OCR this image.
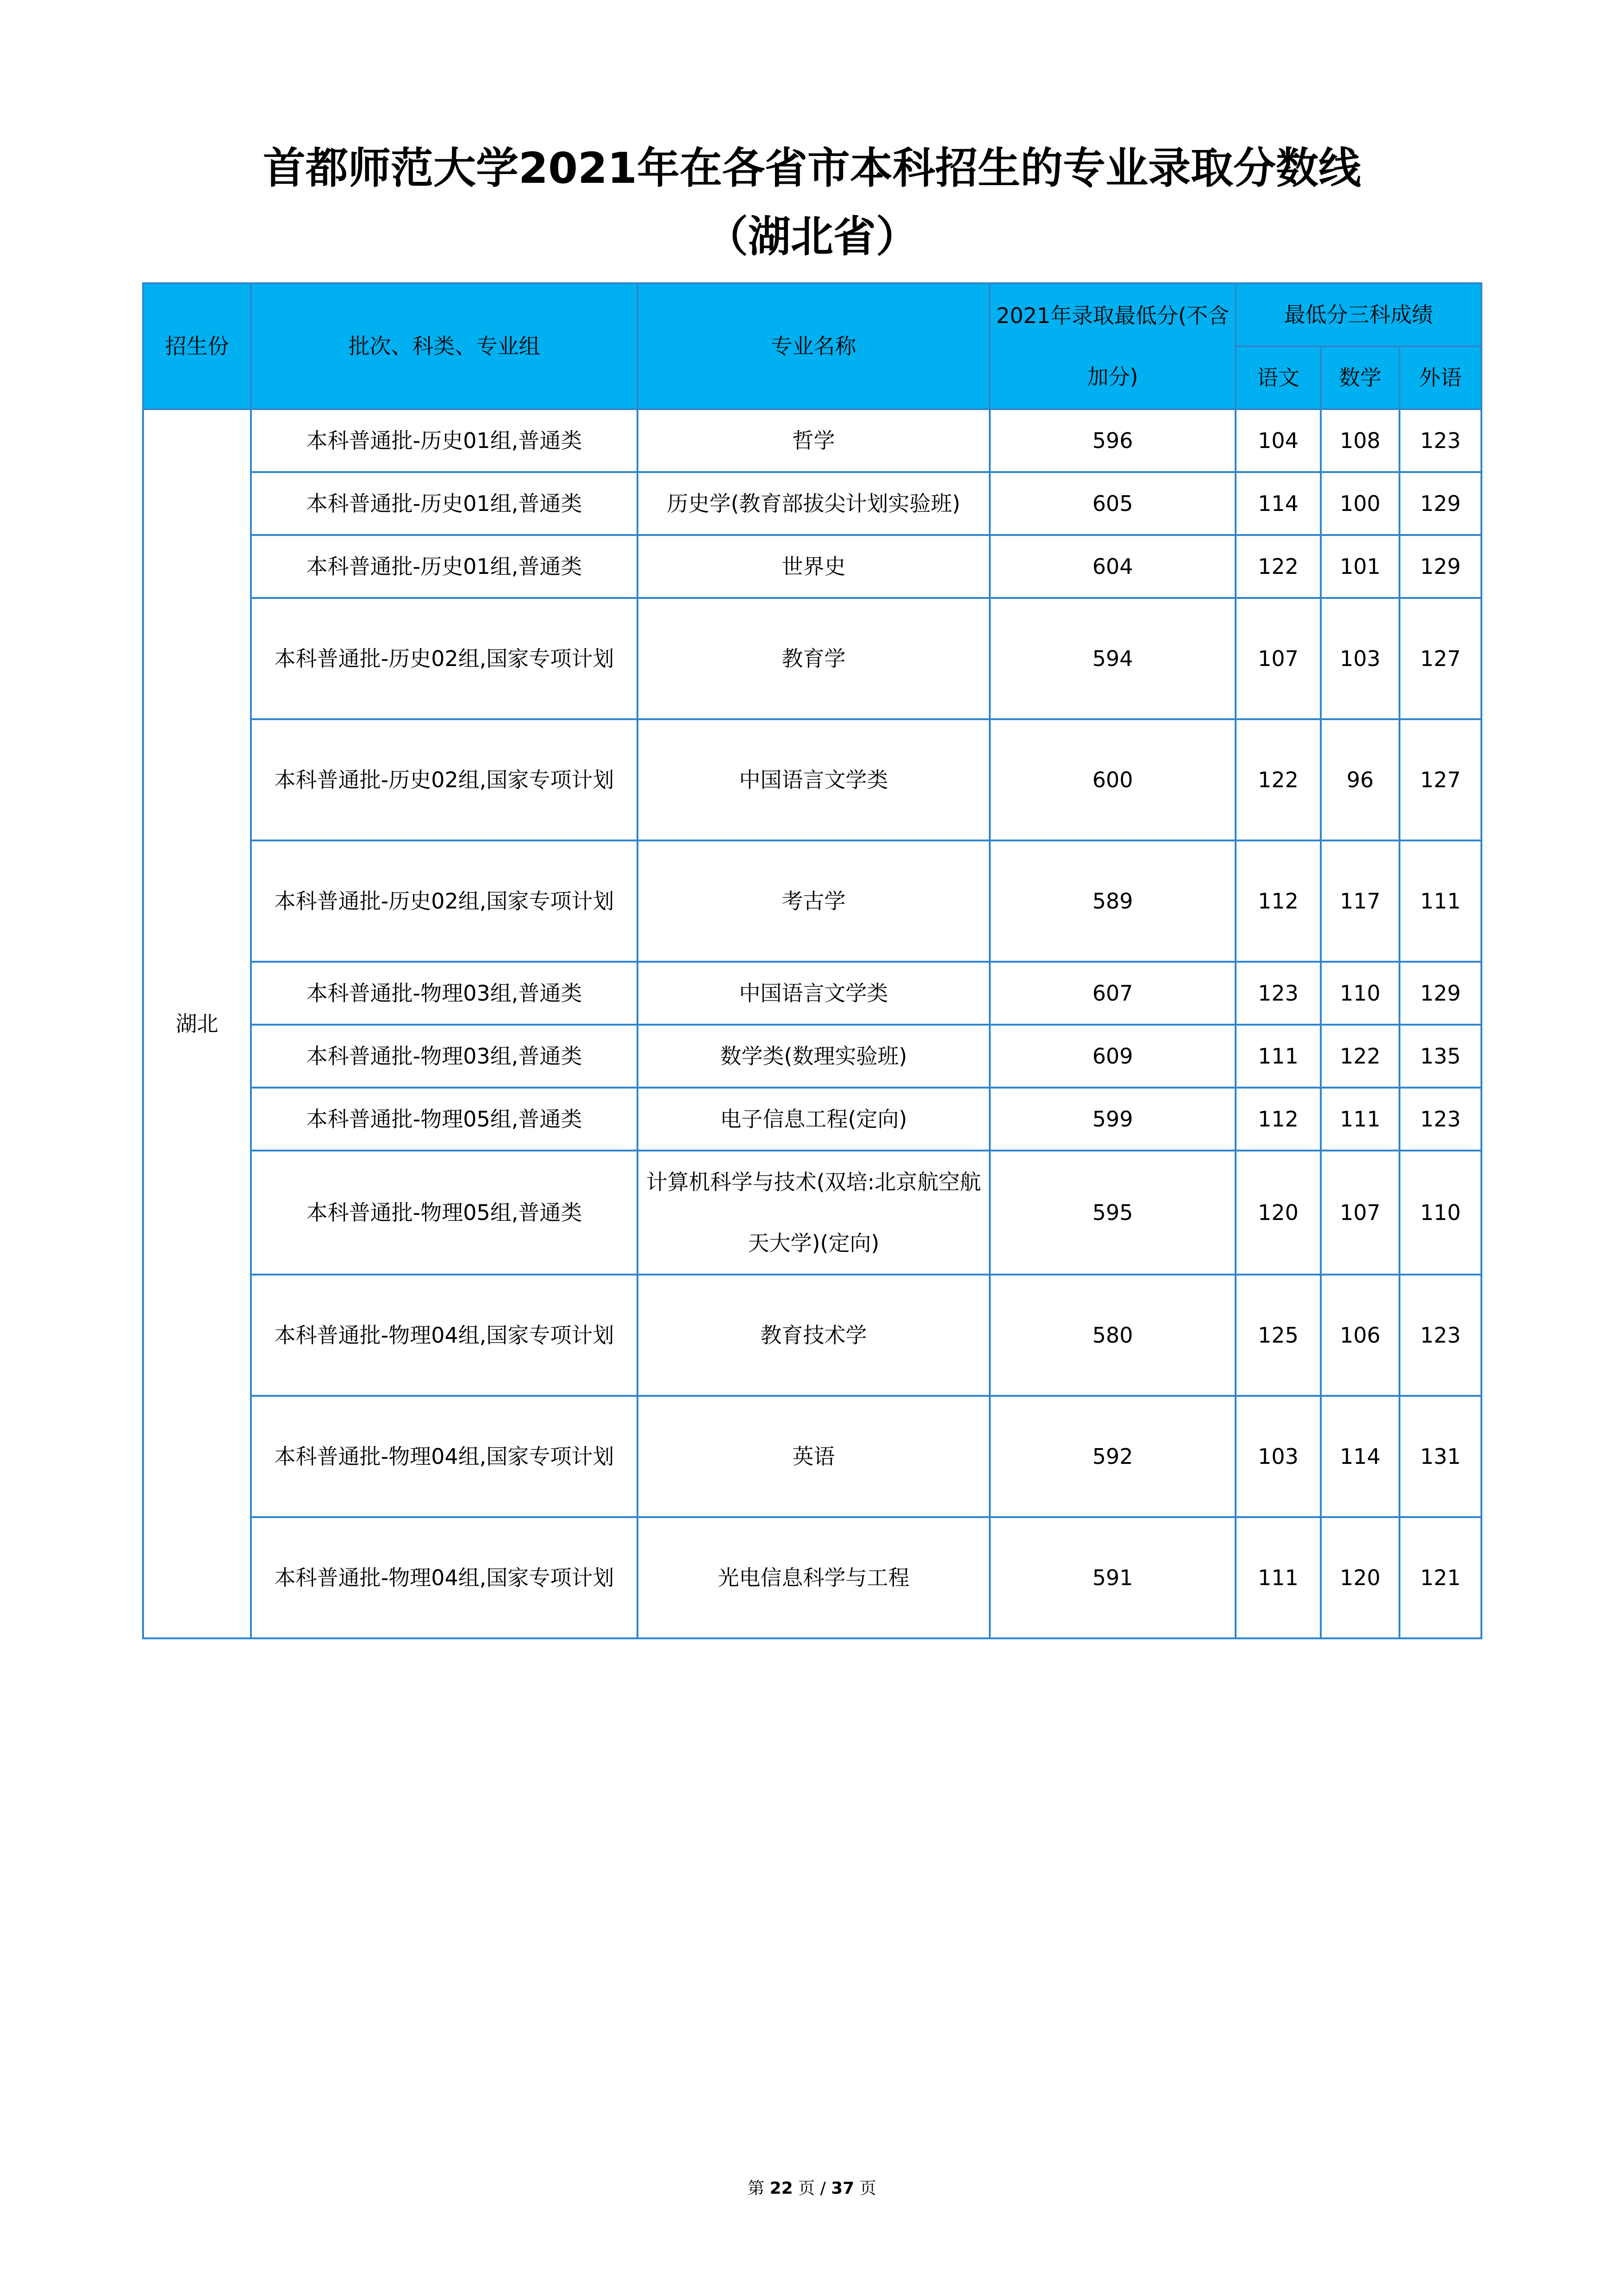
首都师范大学2021年在各省市本科招生的专业录取分数线
（湖北省）
招生份	批次、科类、专业组	专业名称	2021年录取最低分(不含加分)	最低分三科成绩		
				语文	数学	外语
湖北	本科普通批-历史01组,普通类	哲学	596	104	108	123
	本科普通批-历史01组,普通类	历史学(教育部拔尖计划实验班)	605	114	100	129
	本科普通批-历史01组,普通类	世界史	604	122	101	129
	本科普通批-历史02组,国家专项计划	教育学	594	107	103	127
	本科普通批-历史02组,国家专项计划	中国语言文学类	600	122	96	127
	本科普通批-历史02组,国家专项计划	考古学	589	112	117	111
	本科普通批-物理03组,普通类	中国语言文学类	607	123	110	129
	本科普通批-物理03组,普通类	数学类(数理实验班)	609	111	122	135
	本科普通批-物理05组,普通类	电子信息工程(定向)	599	112	111	123
	本科普通批-物理05组,普通类	计算机科学与技术(双培:北京航空航天大学)(定向)	595	120	107	110
	本科普通批-物理04组,国家专项计划	教育技术学	580	125	106	123
	本科普通批-物理04组,国家专项计划	英语	592	103	114	131
	本科普通批-物理04组,国家专项计划	光电信息科学与工程	591	111	120	121
第 22 页 / 37 页
